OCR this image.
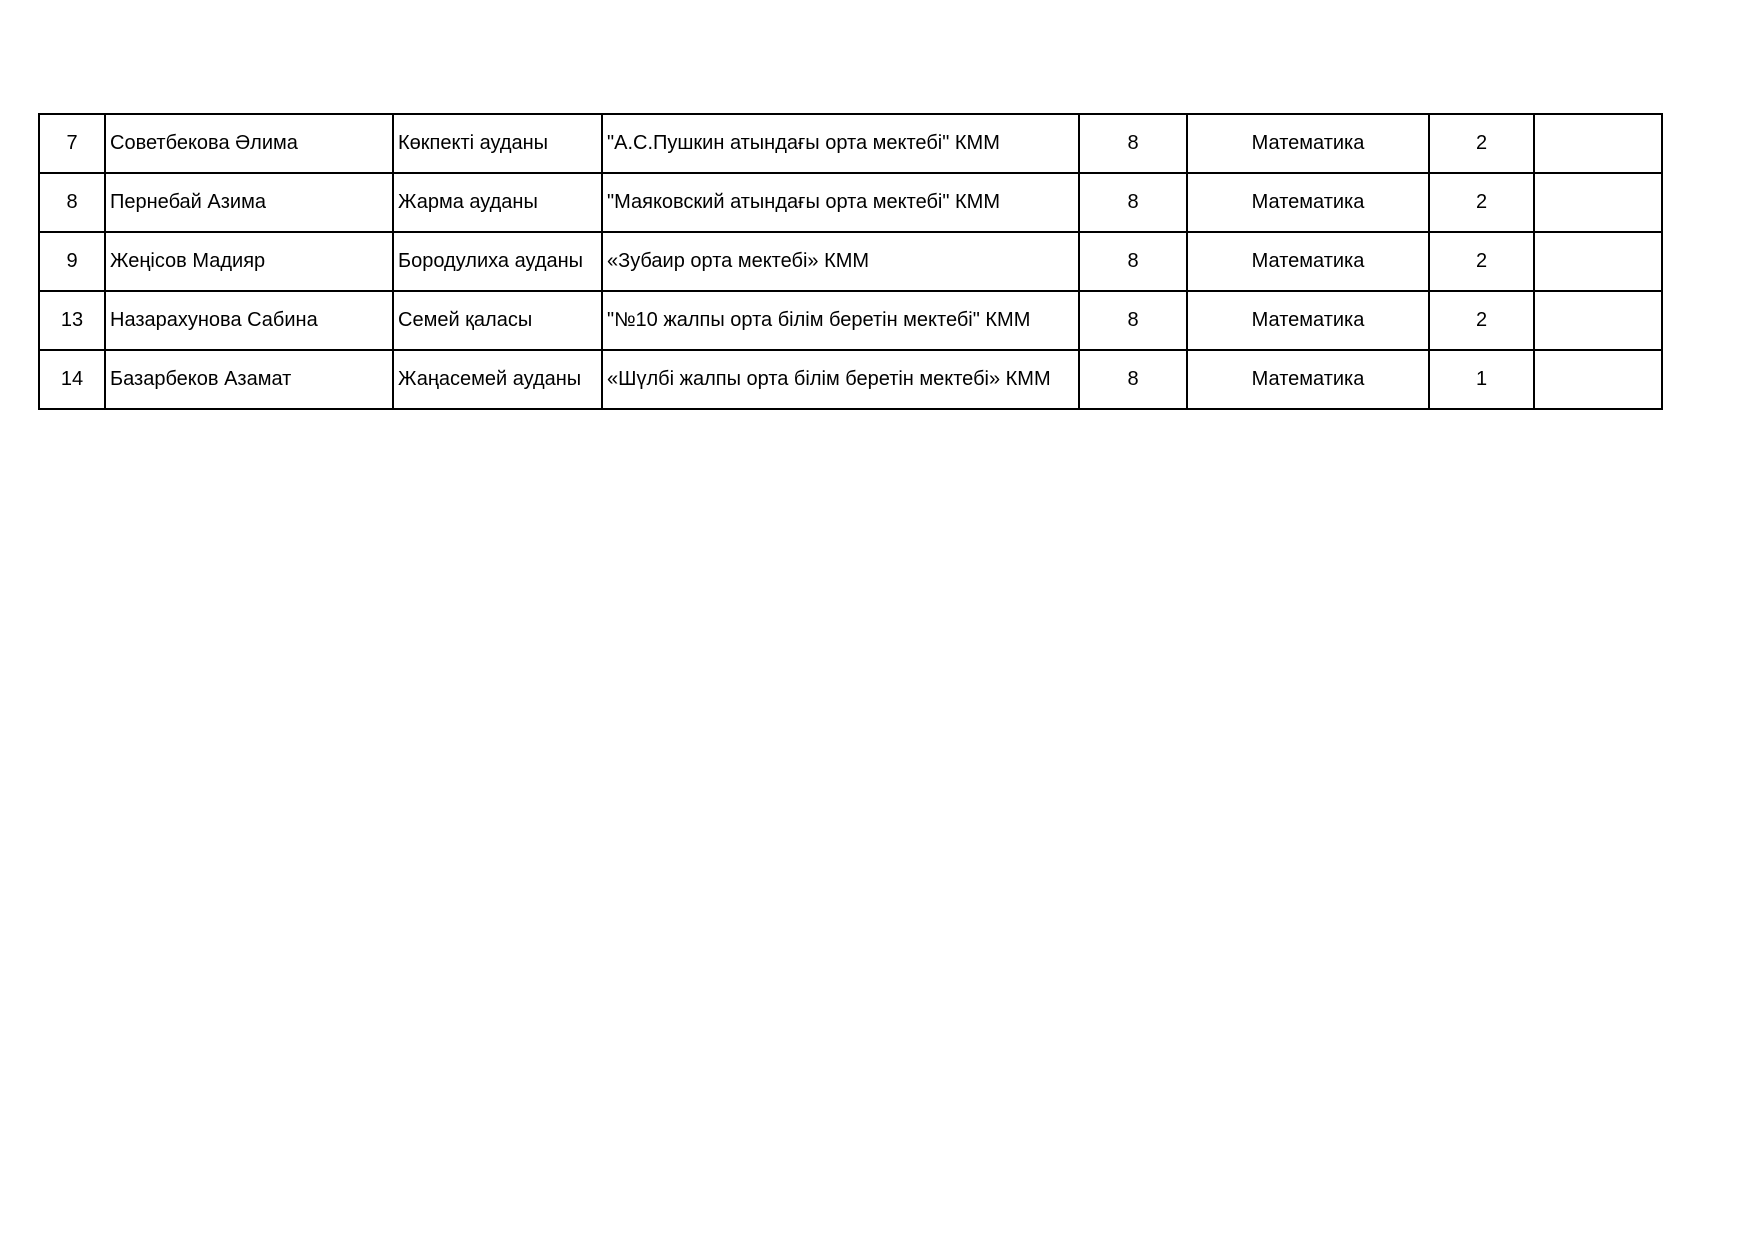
7	Советбекова Әлима	Көкпекті ауданы	"А.С.Пушкин атындағы орта мектебі" КММ	8	Математика	2	
8	Пернебай Азима	Жарма ауданы	"Маяковский атындағы орта мектебі" КММ	8	Математика	2	
9	Жеңісов Мадияр	Бородулиха ауданы	«Зубаир орта мектебі» КММ	8	Математика	2	
13	Назарахунова Сабина	Семей қаласы	"№10 жалпы орта білім беретін мектебі" КММ	8	Математика	2	
14	Базарбеков Азамат	Жаңасемей ауданы	«Шүлбі жалпы орта білім беретін мектебі» КММ	8	Математика	1	
